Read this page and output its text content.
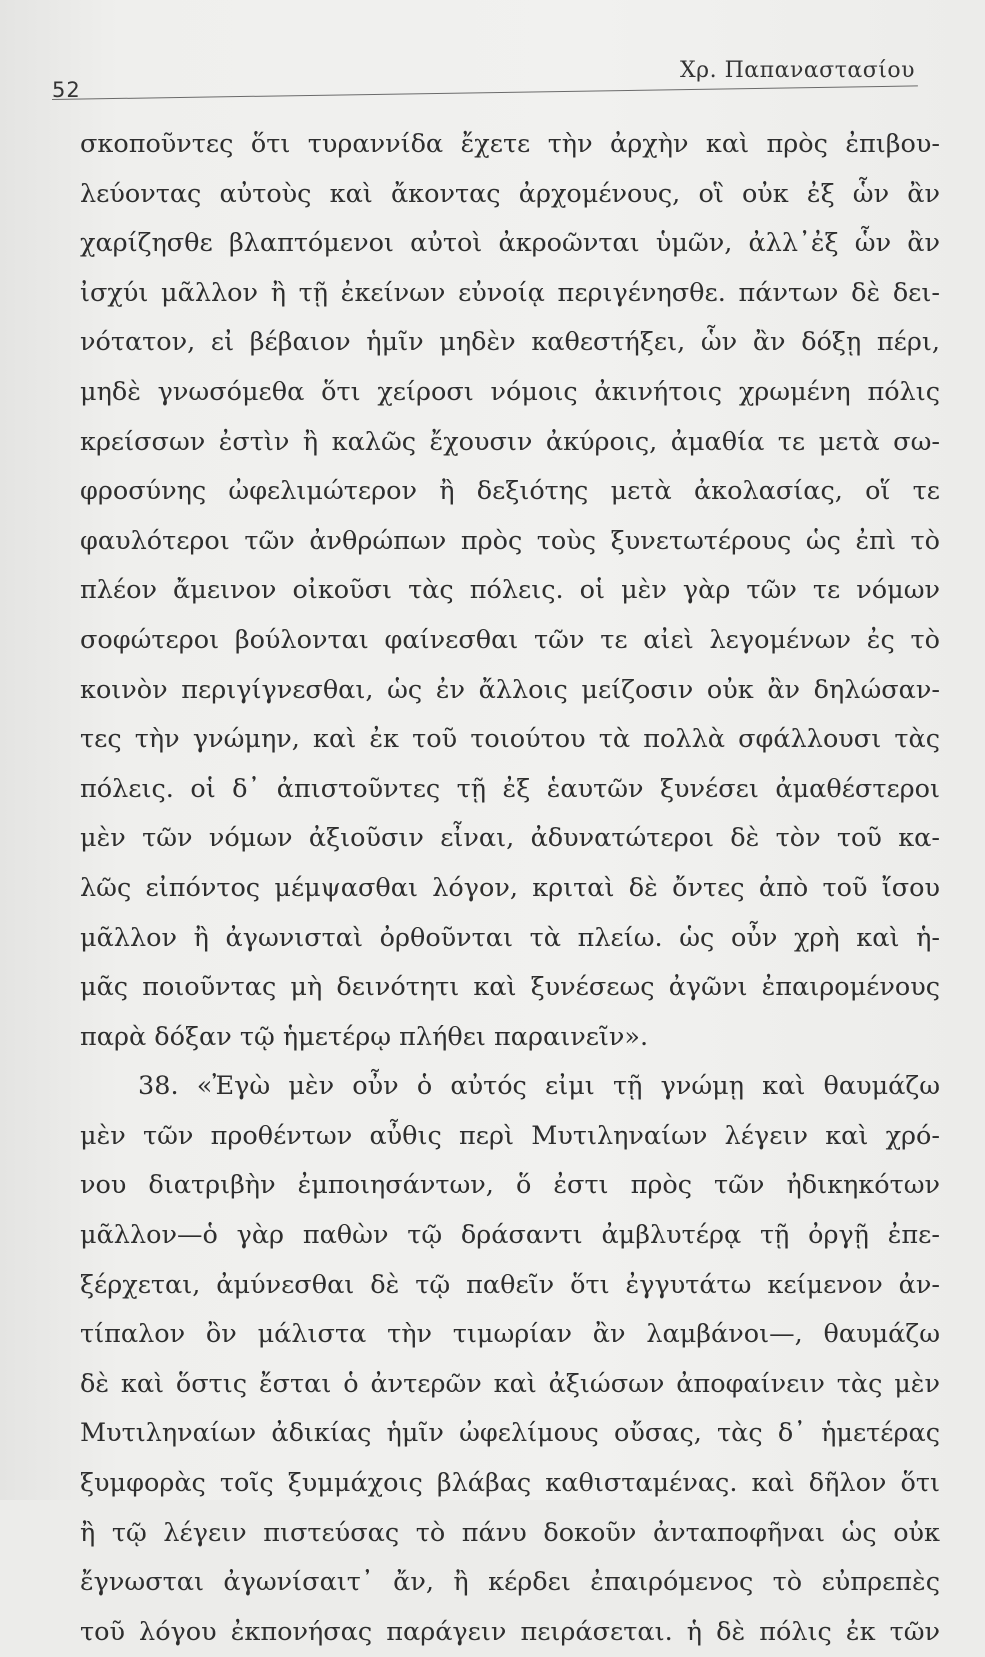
52
Χρ. Παπαναστασίου
σκοποῦντες ὅτι τυραννίδα ἔχετε τὴν ἀρχὴν καὶ πρὸς ἐπιβου-
λεύοντας αὐτοὺς καὶ ἄκοντας ἀρχομένους, οἳ οὐκ ἐξ ὧν ἂν
χαρίζησθε βλαπτόμενοι αὐτοὶ ἀκροῶνται ὑμῶν, ἀλλ᾽ἐξ ὧν ἂν
ἰσχύι μᾶλλον ἢ τῇ ἐκείνων εὐνοίᾳ περιγένησθε. πάντων δὲ δει-
νότατον, εἰ βέβαιον ἡμῖν μηδὲν καθεστήξει, ὧν ἂν δόξῃ πέρι,
μηδὲ γνωσόμεθα ὅτι χείροσι νόμοις ἀκινήτοις χρωμένη πόλις
κρείσσων ἐστὶν ἢ καλῶς ἔχουσιν ἀκύροις, ἀμαθία τε μετὰ σω-
φροσύνης ὠφελιμώτερον ἢ δεξιότης μετὰ ἀκολασίας, οἵ τε
φαυλότεροι τῶν ἀνθρώπων πρὸς τοὺς ξυνετωτέρους ὡς ἐπὶ τὸ
πλέον ἄμεινον οἰκοῦσι τὰς πόλεις. οἱ μὲν γὰρ τῶν τε νόμων
σοφώτεροι βούλονται φαίνεσθαι τῶν τε αἰεὶ λεγομένων ἐς τὸ
κοινὸν περιγίγνεσθαι, ὡς ἐν ἄλλοις μείζοσιν οὐκ ἂν δηλώσαν-
τες τὴν γνώμην, καὶ ἐκ τοῦ τοιούτου τὰ πολλὰ σφάλλουσι τὰς
πόλεις. οἱ δ᾽ ἀπιστοῦντες τῇ ἐξ ἑαυτῶν ξυνέσει ἀμαθέστεροι
μὲν τῶν νόμων ἀξιοῦσιν εἶναι, ἀδυνατώτεροι δὲ τὸν τοῦ κα-
λῶς εἰπόντος μέμψασθαι λόγον, κριταὶ δὲ ὄντες ἀπὸ τοῦ ἴσου
μᾶλλον ἢ ἀγωνισταὶ ὀρθοῦνται τὰ πλείω. ὡς οὖν χρὴ καὶ ἡ-
μᾶς ποιοῦντας μὴ δεινότητι καὶ ξυνέσεως ἀγῶνι ἐπαιρομένους
παρὰ δόξαν τῷ ἡμετέρῳ πλήθει παραινεῖν».
38. «Ἐγὼ μὲν οὖν ὁ αὐτός εἰμι τῇ γνώμῃ καὶ θαυμάζω
μὲν τῶν προθέντων αὖθις περὶ Μυτιληναίων λέγειν καὶ χρό-
νου διατριβὴν ἐμποιησάντων, ὅ ἐστι πρὸς τῶν ἠδικηκότων
μᾶλλον—ὁ γὰρ παθὼν τῷ δράσαντι ἀμβλυτέρᾳ τῇ ὀργῇ ἐπε-
ξέρχεται, ἀμύνεσθαι δὲ τῷ παθεῖν ὅτι ἐγγυτάτω κείμενον ἀν-
τίπαλον ὂν μάλιστα τὴν τιμωρίαν ἂν λαμβάνοι—, θαυμάζω
δὲ καὶ ὅστις ἔσται ὁ ἀντερῶν καὶ ἀξιώσων ἀποφαίνειν τὰς μὲν
Μυτιληναίων ἀδικίας ἡμῖν ὠφελίμους οὔσας, τὰς δ᾽ ἡμετέρας
ξυμφορὰς τοῖς ξυμμάχοις βλάβας καθισταμένας. καὶ δῆλον ὅτι
ἢ τῷ λέγειν πιστεύσας τὸ πάνυ δοκοῦν ἀνταποφῆναι ὡς οὐκ
ἔγνωσται ἀγωνίσαιτ᾽ ἄν, ἢ κέρδει ἐπαιρόμενος τὸ εὐπρεπὲς
τοῦ λόγου ἐκπονήσας παράγειν πειράσεται. ἡ δὲ πόλις ἐκ τῶν
